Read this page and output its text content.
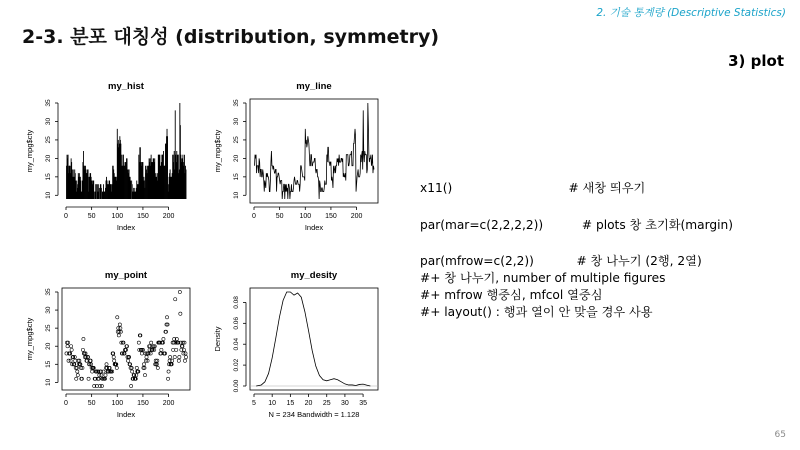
2. 기술 통계량 (Descriptive Statistics)
2-3. 분포 대칭성 (distribution, symmetry)
3) plot
my_hist
Index
my_mpg$cty
0	50 100 150 200
10
15
20
25
30
35
my_line
Index
my_mpg$cty
0	50 100 150 200
10
15
20
25
30
35
my_point
Index
my_mpg$cty
0	50 100 150 200
10
15
20
25
30
35
my_desity
N = 234 Bandwidth = 1.128
Density
5 10 15 20 25 30 35
0.00
0.02
0.04
0.06
0.08
x11()                              # 새창 띄우기
par(mar=c(2,2,2,2))          # plots 창 초기화(margin)
par(mfrow=c(2,2))           # 창 나누기 (2행, 2열)
#+ 창 나누기, number of multiple figures
#+ mfrow 행중심, mfcol 열중심
#+ layout() : 행과 열이 안 맞을 경우 사용
65
